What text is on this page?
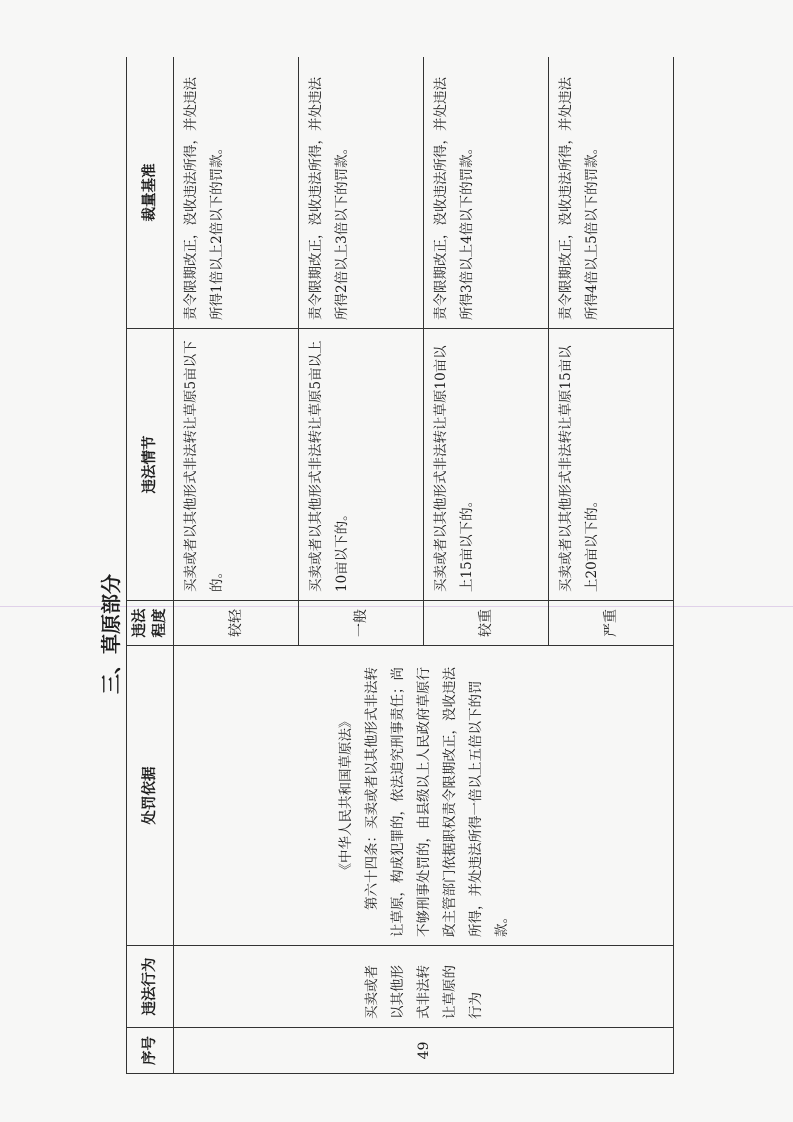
三、草原部分
序号	违法行为	处罚依据	违法程度	违法情节	裁量基准
49	买卖或者以其他形式非法转让草原的行为	《中华人民共和国草原法》 第六十四条：买卖或者以其他形式非法转让草原，构成犯罪的，依法追究刑事责任；尚不够刑事处罚的，由县级以上人民政府草原行政主管部门依据职权责令限期改正，没收违法所得，并处违法所得一倍以上五倍以下的罚款。	较轻	买卖或者以其他形式非法转让草原5亩以下的。	责令限期改正，没收违法所得，并处违法所得1倍以上2倍以下的罚款。
			一般	买卖或者以其他形式非法转让草原5亩以上10亩以下的。	责令限期改正，没收违法所得，并处违法所得2倍以上3倍以下的罚款。
			较重	买卖或者以其他形式非法转让草原10亩以上15亩以下的。	责令限期改正，没收违法所得，并处违法所得3倍以上4倍以下的罚款。
			严重	买卖或者以其他形式非法转让草原15亩以上20亩以下的。	责令限期改正，没收违法所得，并处违法所得4倍以上5倍以下的罚款。
